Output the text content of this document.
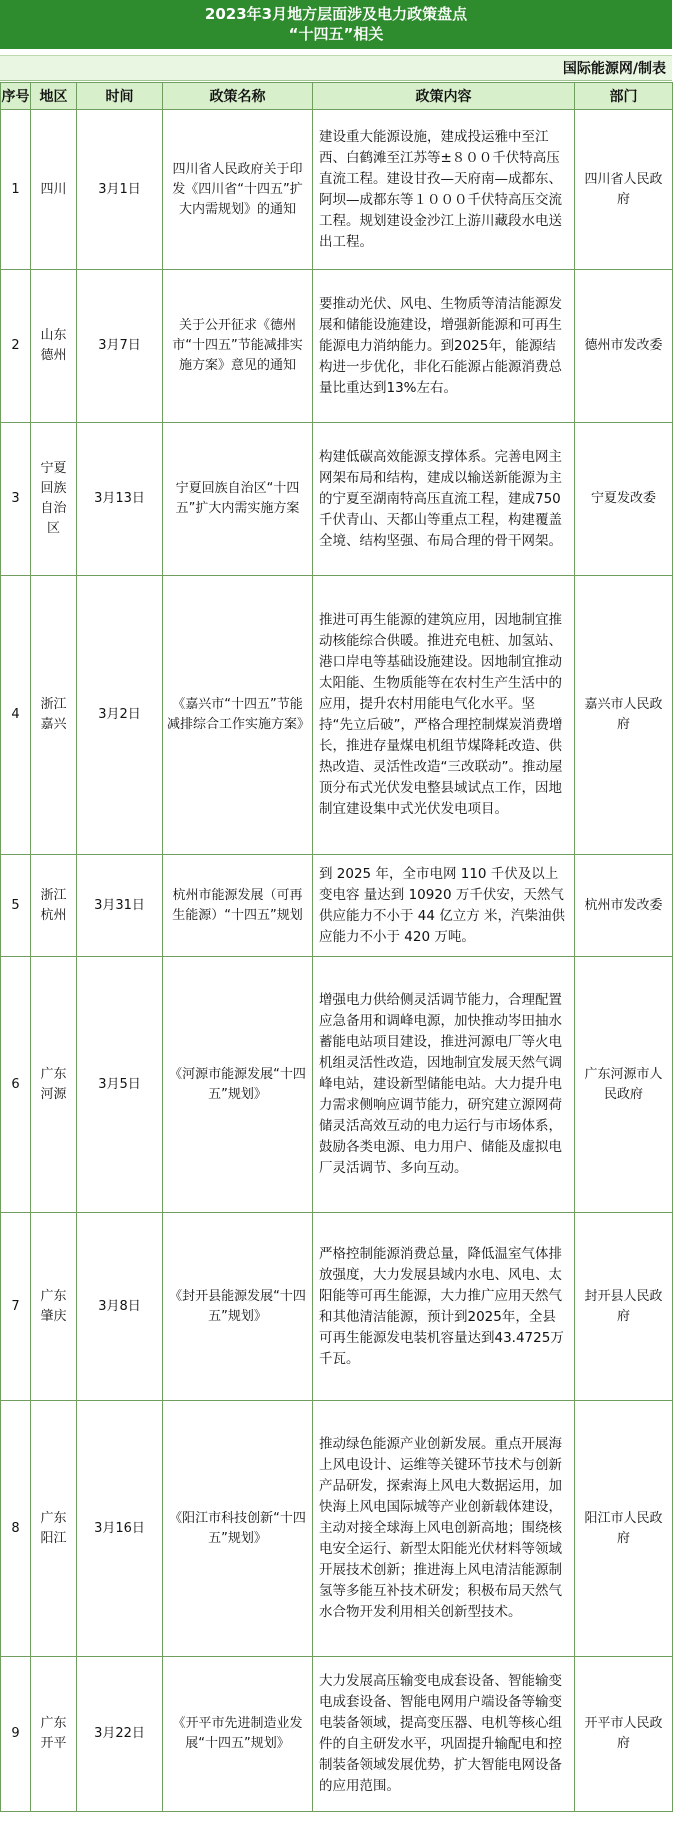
2023年3月地方层面涉及电力政策盘点
“十四五”相关
国际能源网/制表
序号	地区	时间	政策名称	政策内容	部门
1	四川	3月1日	四川省人民政府关于印发《四川省“十四五”扩大内需规划》的通知	建设重大能源设施，建成投运雅中至江西、白鹤滩至江苏等±８００千伏特高压直流工程。建设甘孜—天府南—成都东、阿坝—成都东等１０００千伏特高压交流工程。规划建设金沙江上游川藏段水电送出工程。	四川省人民政府
2	山东德州	3月7日	关于公开征求《德州市“十四五”节能减排实施方案》意见的通知	要推动光伏、风电、生物质等清洁能源发展和储能设施建设，增强新能源和可再生能源电力消纳能力。到2025年，能源结构进一步优化，非化石能源占能源消费总量比重达到13%左右。	德州市发改委
3	宁夏回族自治区	3月13日	宁夏回族自治区“十四五”扩大内需实施方案	构建低碳高效能源支撑体系。完善电网主网架布局和结构，建成以输送新能源为主的宁夏至湖南特高压直流工程，建成750千伏青山、天都山等重点工程，构建覆盖全境、结构坚强、布局合理的骨干网架。	宁夏发改委
4	浙江嘉兴	3月2日	《嘉兴市“十四五”节能减排综合工作实施方案》	推进可再生能源的建筑应用，因地制宜推动核能综合供暖。推进充电桩、加氢站、港口岸电等基础设施建设。因地制宜推动太阳能、生物质能等在农村生产生活中的应用，提升农村用能电气化水平。坚持“先立后破”，严格合理控制煤炭消费增长，推进存量煤电机组节煤降耗改造、供热改造、灵活性改造“三改联动”。推动屋顶分布式光伏发电整县域试点工作，因地制宜建设集中式光伏发电项目。	嘉兴市人民政府
5	浙江杭州	3月31日	杭州市能源发展（可再生能源）“十四五”规划	到 2025 年，全市电网 110 千伏及以上变电容 量达到 10920 万千伏安，天然气供应能力不小于 44 亿立方 米，汽柴油供应能力不小于 420 万吨。	杭州市发改委
6	广东河源	3月5日	《河源市能源发展“十四五”规划》	增强电力供给侧灵活调节能力，合理配置应急备用和调峰电源，加快推动岑田抽水蓄能电站项目建设，推进河源电厂等火电机组灵活性改造，因地制宜发展天然气调峰电站，建设新型储能电站。大力提升电力需求侧响应调节能力，研究建立源网荷储灵活高效互动的电力运行与市场体系，鼓励各类电源、电力用户、储能及虚拟电厂灵活调节、多向互动。	广东河源市人民政府
7	广东肇庆	3月8日	《封开县能源发展“十四五”规划》	严格控制能源消费总量，降低温室气体排放强度，大力发展县域内水电、风电、太阳能等可再生能源，大力推广应用天然气和其他清洁能源，预计到2025年，全县可再生能源发电装机容量达到43.4725万千瓦。	封开县人民政府
8	广东阳江	3月16日	《阳江市科技创新“十四五”规划》	推动绿色能源产业创新发展。重点开展海上风电设计、运维等关键环节技术与创新产品研发，探索海上风电大数据运用，加快海上风电国际城等产业创新载体建设，主动对接全球海上风电创新高地；围绕核电安全运行、新型太阳能光伏材料等领域开展技术创新；推进海上风电清洁能源制氢等多能互补技术研发；积极布局天然气水合物开发利用相关创新型技术。	阳江市人民政府
9	广东开平	3月22日	《开平市先进制造业发展“十四五”规划》	大力发展高压输变电成套设备、智能输变电成套设备、智能电网用户端设备等输变电装备领域，提高变压器、电机等核心组件的自主研发水平，巩固提升输配电和控制装备领域发展优势，扩大智能电网设备的应用范围。	开平市人民政府
